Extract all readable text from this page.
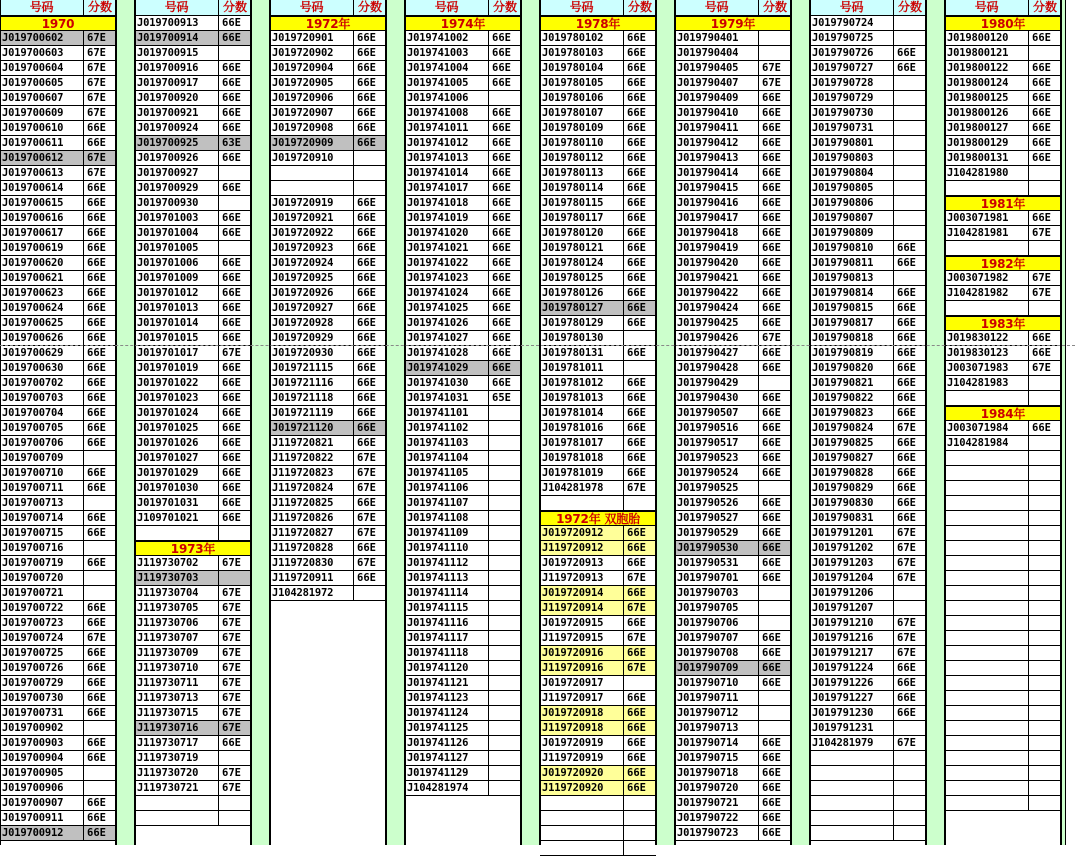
号码	分数
1970
J019700602	67E
J019700603	67E
J019700604	67E
J019700605	67E
J019700607	67E
J019700609	67E
J019700610	66E
J019700611	66E
J019700612	67E
J019700613	67E
J019700614	66E
J019700615	66E
J019700616	66E
J019700617	66E
J019700619	66E
J019700620	66E
J019700621	66E
J019700623	66E
J019700624	66E
J019700625	66E
J019700626	66E
J019700629	66E
J019700630	66E
J019700702	66E
J019700703	66E
J019700704	66E
J019700705	66E
J019700706	66E
J019700709
J019700710	66E
J019700711	66E
J019700713
J019700714	66E
J019700715	66E
J019700716
J019700719	66E
J019700720
J019700721
J019700722	66E
J019700723	66E
J019700724	67E
J019700725	66E
J019700726	66E
J019700729	66E
J019700730	66E
J019700731	66E
J019700902
J019700903	66E
J019700904	66E
J019700905
J019700906
J019700907	66E
J019700911	66E
J019700912	66E
号码	分数
J019700913	66E
J019700914	66E
J019700915
J019700916	66E
J019700917	66E
J019700920	66E
J019700921	66E
J019700924	66E
J019700925	63E
J019700926	66E
J019700927
J019700929	66E
J019700930
J019701003	66E
J019701004	66E
J019701005
J019701006	66E
J019701009	66E
J019701012	66E
J019701013	66E
J019701014	66E
J019701015	66E
J019701017	67E
J019701019	66E
J019701022	66E
J019701023	66E
J019701024	66E
J019701025	66E
J019701026	66E
J019701027	66E
J019701029	66E
J019701030	66E
J019701031	66E
J109701021	66E
1973年
J119730702	67E
J119730703
J119730704	67E
J119730705	67E
J119730706	67E
J119730707	67E
J119730709	67E
J119730710	67E
J119730711	67E
J119730713	67E
J119730715	67E
J119730716	67E
J119730717	66E
J119730719
J119730720	67E
J119730721	67E
号码	分数
1972年
J019720901	66E
J019720902	66E
J019720904	66E
J019720905	66E
J019720906	66E
J019720907	66E
J019720908	66E
J019720909	66E
J019720910
J019720919	66E
J019720921	66E
J019720922	66E
J019720923	66E
J019720924	66E
J019720925	66E
J019720926	66E
J019720927	66E
J019720928	66E
J019720929	66E
J019720930	66E
J019721115	66E
J019721116	66E
J019721118	66E
J019721119	66E
J019721120	66E
J119720821	66E
J119720822	67E
J119720823	67E
J119720824	67E
J119720825	66E
J119720826	67E
J119720827	67E
J119720828	66E
J119720830	67E
J119720911	66E
J104281972
号码	分数
1974年
J019741002	66E
J019741003	66E
J019741004	66E
J019741005	66E
J019741006
J019741008	66E
J019741011	66E
J019741012	66E
J019741013	66E
J019741014	66E
J019741017	66E
J019741018	66E
J019741019	66E
J019741020	66E
J019741021	66E
J019741022	66E
J019741023	66E
J019741024	66E
J019741025	66E
J019741026	66E
J019741027	66E
J019741028	66E
J019741029	66E
J019741030	66E
J019741031	65E
J019741101
J019741102
J019741103
J019741104
J019741105
J019741106
J019741107
J019741108
J019741109
J019741110
J019741112
J019741113
J019741114
J019741115
J019741116
J019741117
J019741118
J019741120
J019741121
J019741123
J019741124
J019741125
J019741126
J019741127
J019741129
J104281974
号码	分数
1978年
J019780102	66E
J019780103	66E
J019780104	66E
J019780105	66E
J019780106	66E
J019780107	66E
J019780109	66E
J019780110	66E
J019780112	66E
J019780113	66E
J019780114	66E
J019780115	66E
J019780117	66E
J019780120	66E
J019780121	66E
J019780124	66E
J019780125	66E
J019780126	66E
J019780127	66E
J019780129	66E
J019780130
J019780131	66E
J019781011
J019781012	66E
J019781013	66E
J019781014	66E
J019781016	66E
J019781017	66E
J019781018	66E
J019781019	66E
J104281978	67E
1972年 双胞胎
J019720912	66E
J119720912	66E
J019720913	66E
J119720913	67E
J019720914	66E
J119720914	67E
J019720915	66E
J119720915	67E
J019720916	66E
J119720916	67E
J019720917
J119720917	66E
J019720918	66E
J119720918	66E
J019720919	66E
J119720919	66E
J019720920	66E
J119720920	66E
号码	分数
1979年
J019790401
J019790404
J019790405	67E
J019790407	67E
J019790409	66E
J019790410	66E
J019790411	66E
J019790412	66E
J019790413	66E
J019790414	66E
J019790415	66E
J019790416	66E
J019790417	66E
J019790418	66E
J019790419	66E
J019790420	66E
J019790421	66E
J019790422	66E
J019790424	66E
J019790425	66E
J019790426	67E
J019790427	66E
J019790428	66E
J019790429
J019790430	66E
J019790507	66E
J019790516	66E
J019790517	66E
J019790523	66E
J019790524	66E
J019790525
J019790526	66E
J019790527	66E
J019790529	66E
J019790530	66E
J019790531	66E
J019790701	66E
J019790703
J019790705
J019790706
J019790707	66E
J019790708	66E
J019790709	66E
J019790710	66E
J019790711
J019790712
J019790713
J019790714	66E
J019790715	66E
J019790718	66E
J019790720	66E
J019790721	66E
J019790722	66E
J019790723	66E
号码	分数
J019790724
J019790725
J019790726	66E
J019790727	66E
J019790728
J019790729
J019790730
J019790731
J019790801
J019790803
J019790804
J019790805
J019790806
J019790807
J019790809
J019790810	66E
J019790811	66E
J019790813
J019790814	66E
J019790815	66E
J019790817	66E
J019790818	66E
J019790819	66E
J019790820	66E
J019790821	66E
J019790822	66E
J019790823	66E
J019790824	67E
J019790825	66E
J019790827	66E
J019790828	66E
J019790829	66E
J019790830	66E
J019790831	66E
J019791201	67E
J019791202	67E
J019791203	67E
J019791204	67E
J019791206
J019791207
J019791210	67E
J019791216	67E
J019791217	67E
J019791224	66E
J019791226	66E
J019791227	66E
J019791230	66E
J019791231
J104281979	67E
号码	分数
1980年
J019800120	66E
J019800121
J019800122	66E
J019800124	66E
J019800125	66E
J019800126	66E
J019800127	66E
J019800129	66E
J019800131	66E
J104281980
1981年
J003071981	66E
J104281981	67E
1982年
J003071982	67E
J104281982	67E
1983年
J019830122	66E
J019830123	66E
J003071983	67E
J104281983
1984年
J003071984	66E
J104281984
